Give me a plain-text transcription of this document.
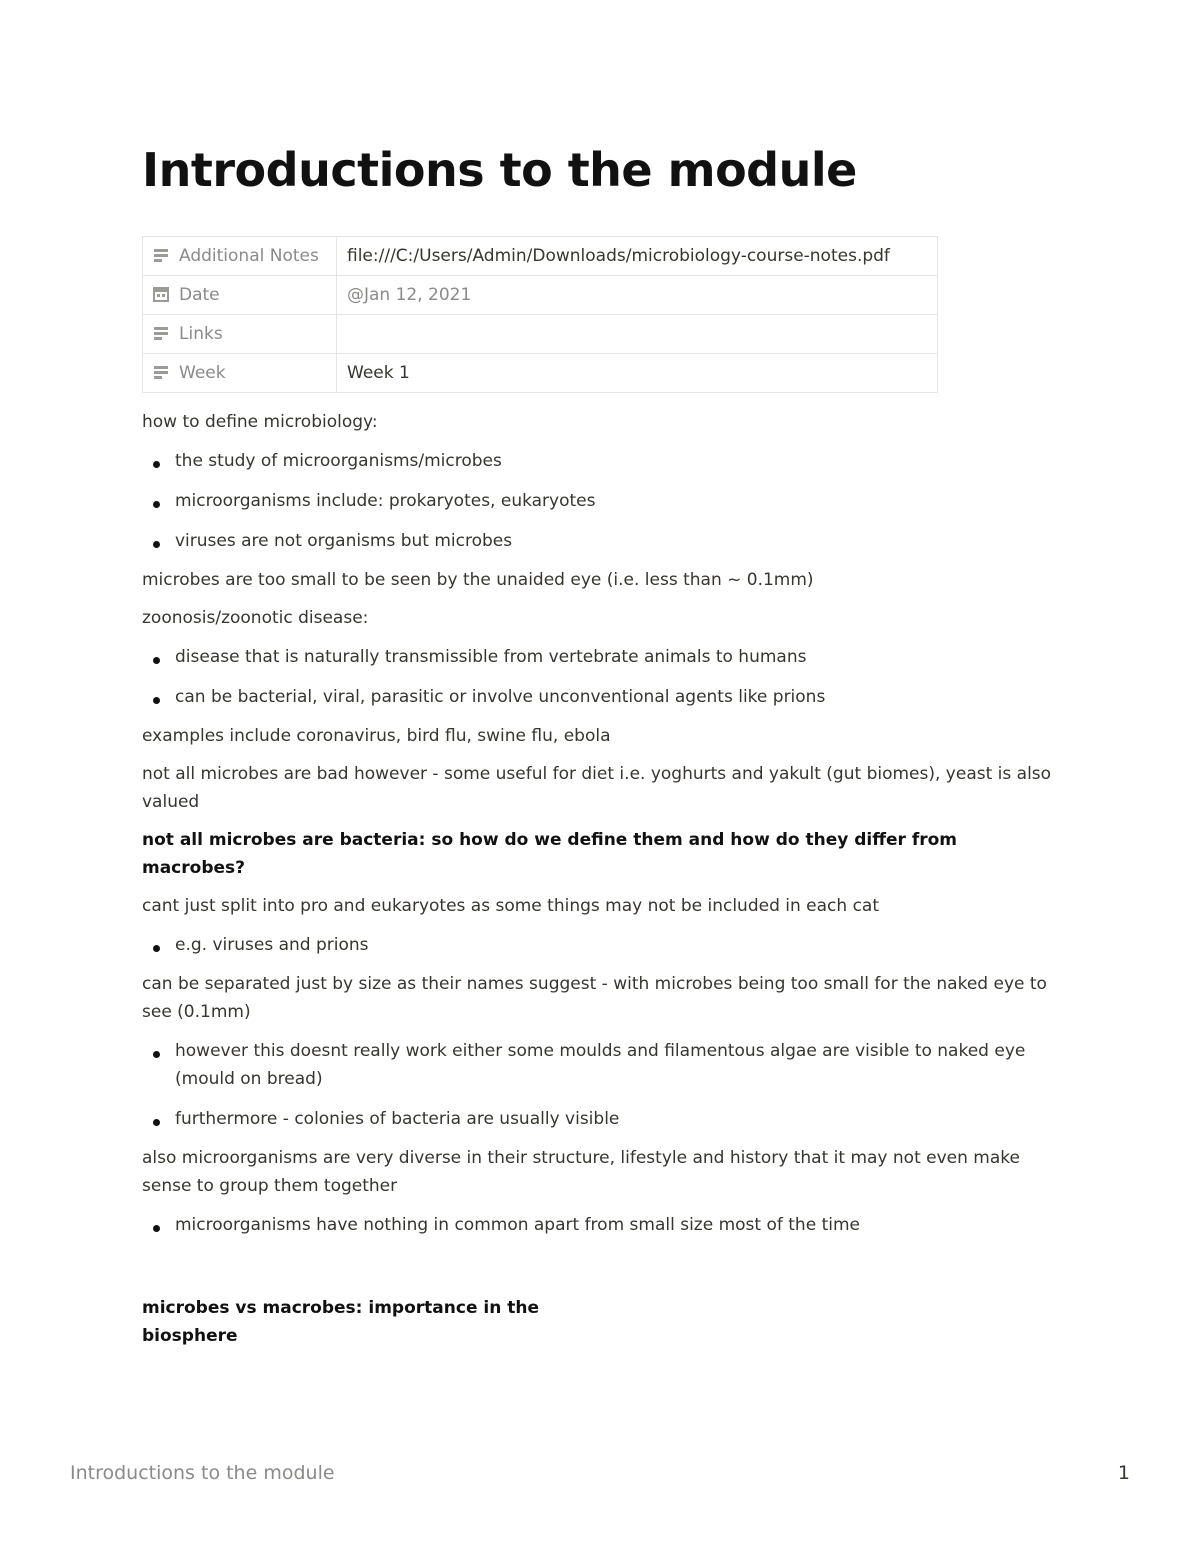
Introductions to the module
Additional Notes	file:///C:/Users/Admin/Downloads/microbiology-course-notes.pdf
Date	@Jan 12, 2021
Links	
Week	Week 1

how to define microbiology:

the study of microorganisms/microbes
microorganisms include: prokaryotes, eukaryotes
viruses are not organisms but microbes

microbes are too small to be seen by the unaided eye (i.e. less than ~ 0.1mm)

zoonosis/zoonotic disease:

disease that is naturally transmissible from vertebrate animals to humans
can be bacterial, viral, parasitic or involve unconventional agents like prions

examples include coronavirus, bird flu, swine flu, ebola

not all microbes are bad however - some useful for diet i.e. yoghurts and yakult (gut biomes), yeast is also valued

not all microbes are bacteria: so how do we define them and how do they differ from macrobes?

cant just split into pro and eukaryotes as some things may not be included in each cat

e.g. viruses and prions

can be separated just by size as their names suggest - with microbes being too small for the naked eye to see (0.1mm)

however this doesnt really work either some moulds and filamentous algae are visible to naked eye (mould on bread)
furthermore - colonies of bacteria are usually visible

also microorganisms are very diverse in their structure, lifestyle and history that it may not even make sense to group them together

microorganisms have nothing in common apart from small size most of the time

microbes vs macrobes: importance in the biosphere

Introductions to the module	1
